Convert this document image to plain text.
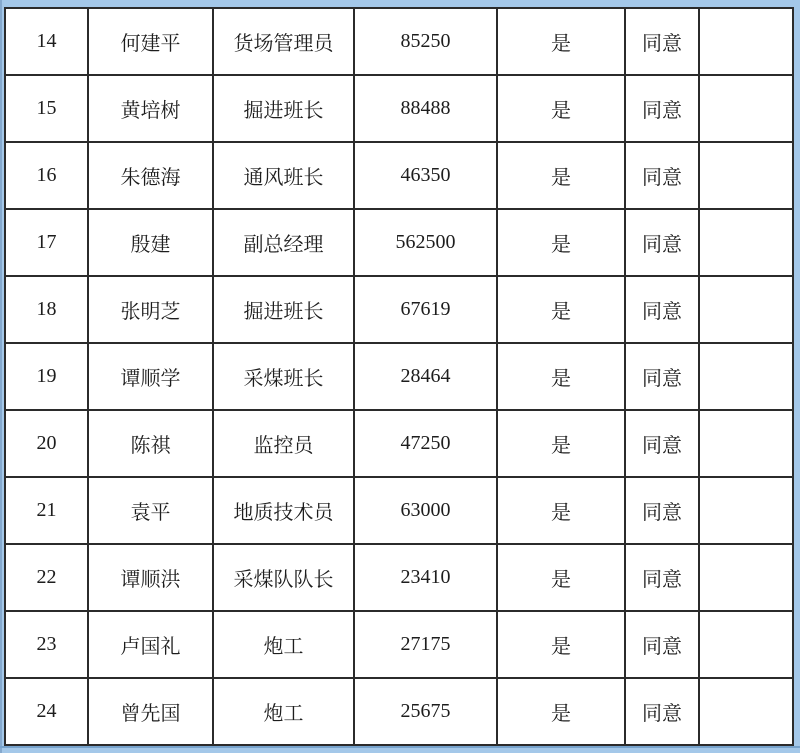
14	何建平	货场管理员	85250	是	同意	
15	黄培树	掘进班长	88488	是	同意	
16	朱德海	通风班长	46350	是	同意	
17	殷建	副总经理	562500	是	同意	
18	张明芝	掘进班长	67619	是	同意	
19	谭顺学	采煤班长	28464	是	同意	
20	陈祺	监控员	47250	是	同意	
21	袁平	地质技术员	63000	是	同意	
22	谭顺洪	采煤队队长	23410	是	同意	
23	卢国礼	炮工	27175	是	同意	
24	曾先国	炮工	25675	是	同意	
